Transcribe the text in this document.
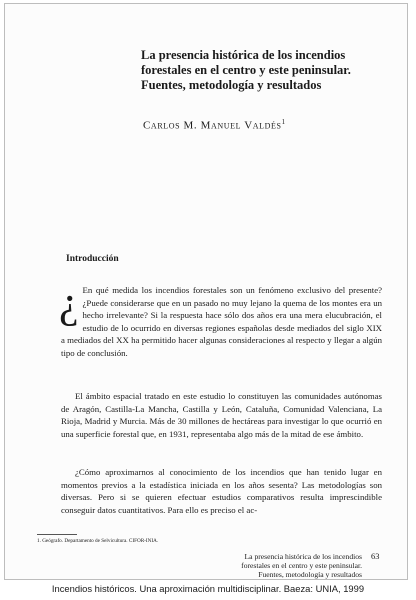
La presencia histórica de los incendios
forestales en el centro y este peninsular.
Fuentes, metodología y resultados
Carlos M. Manuel Valdés$^1$
Introducción
¿ En qué medida los incendios forestales son un fenómeno exclusivo del presente? ¿Puede considerarse que en un pasado no muy lejano la quema de los montes era un hecho irrelevante? Si la respuesta hace sólo dos años era una mera elucubración, el estudio de lo ocurrido en diversas regiones españolas desde mediados del siglo XIX a mediados del XX ha permitido hacer algunas consideraciones al respecto y llegar a algún tipo de conclusión.
El ámbito espacial tratado en este estudio lo constituyen las comunidades autónomas de Aragón, Castilla-La Mancha, Castilla y León, Cataluña, Comunidad Valenciana, La Rioja, Madrid y Murcia. Más de 30 millones de hectáreas para investigar lo que ocurrió en una superficie forestal que, en 1931, representaba algo más de la mitad de ese ámbito.
¿Cómo aproximarnos al conocimiento de los incendios que han tenido lugar en momentos previos a la estadística iniciada en los años sesenta? Las metodologías son diversas. Pero si se quieren efectuar estudios comparativos resulta imprescindible conseguir datos cuantitativos. Para ello es preciso el ac-
1. Geógrafo. Departamento de Selvicultura. CIFOR-INIA.
La presencia histórica de los incendios
forestales en el centro y este peninsular.
Fuentes, metodología y resultados
63
Incendios históricos. Una aproximación multidisciplinar. Baeza: UNIA, 1999
